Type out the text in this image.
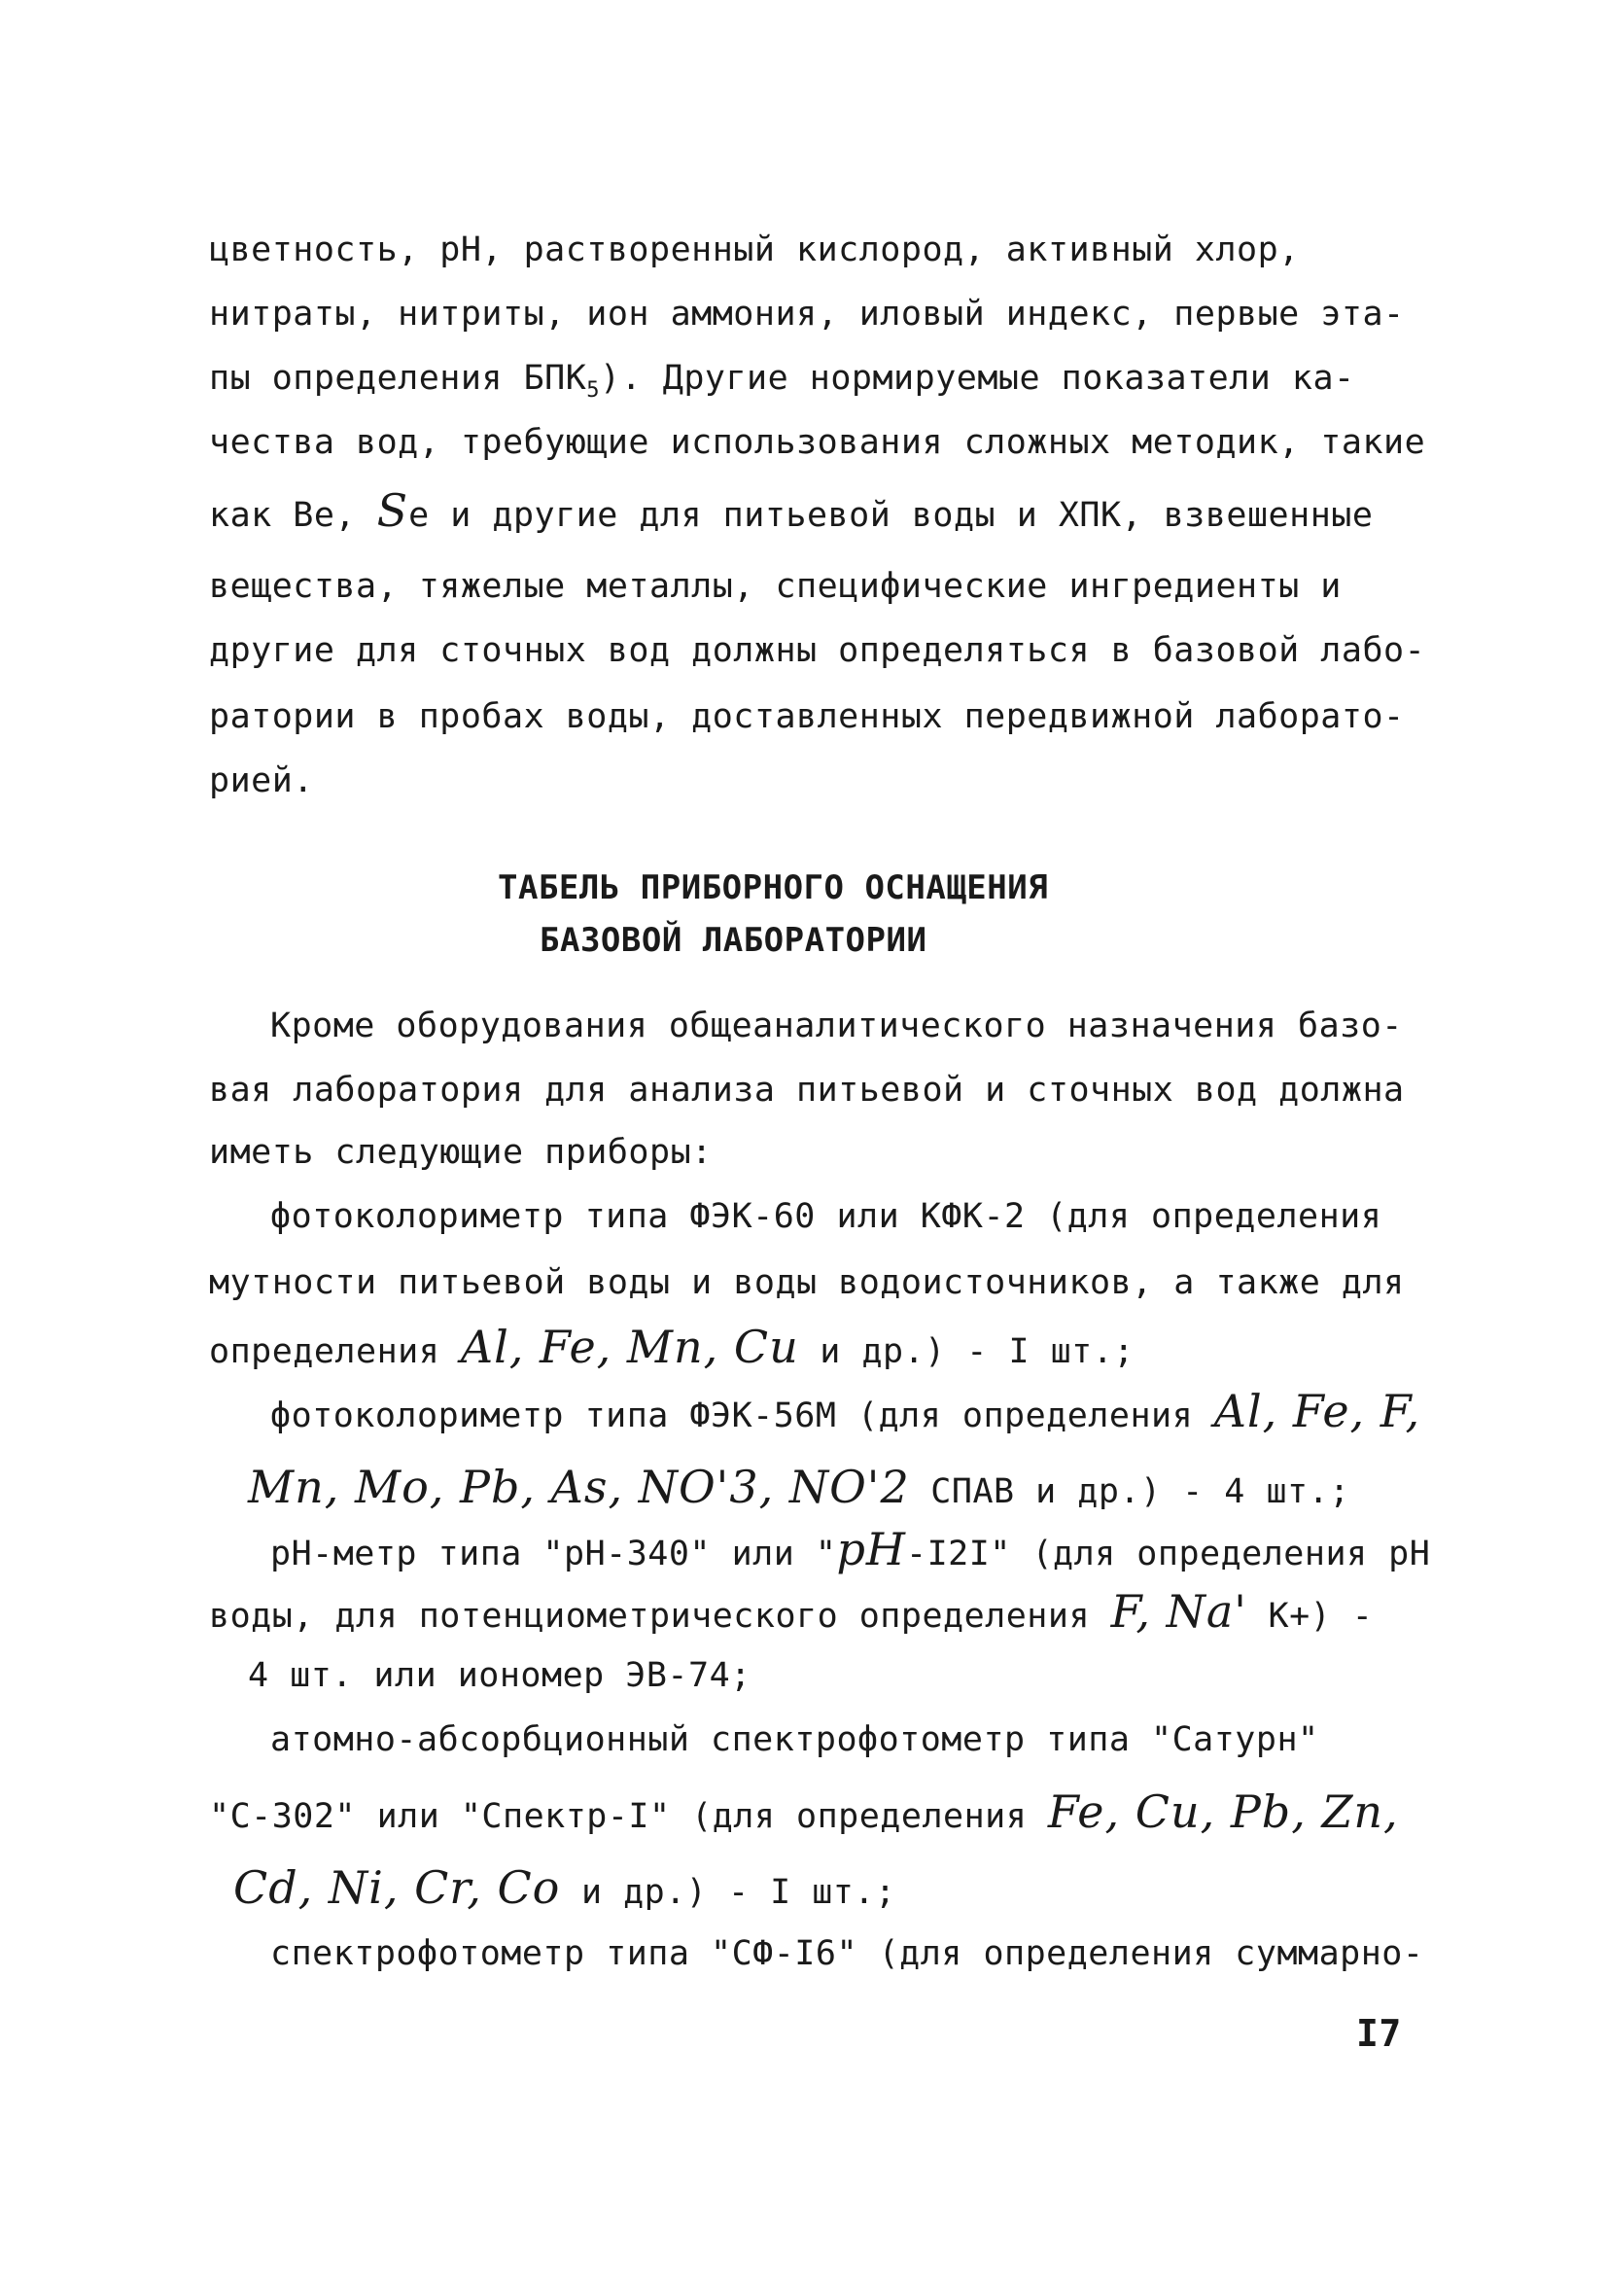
цветность, рН, растворенный кислород, активный хлор,
нитраты, нитриты, ион аммония, иловый индекс, первые эта-
пы определения $БПК_5$). Другие нормируемые показатели ка-
чества вод, требующие использования сложных методик, такие
как Ве, Sе и другие для питьевой воды и ХПК, взвешенные
вещества, тяжелые металлы, специфические ингредиенты и
другие для сточных вод должны определяться в базовой лабо-
ратории в пробах воды, доставленных передвижной лаборато-
рией.
ТАБЕЛЬ ПРИБОРНОГО ОСНАЩЕНИЯ
БАЗОВОЙ ЛАБОРАТОРИИ
Кроме оборудования общеаналитического назначения базо-
вая лаборатория для анализа питьевой и сточных вод должна
иметь следующие приборы:
фотоколориметр типа ФЭК-60 или КФК-2 (для определения
мутности питьевой воды и воды водоисточников, а также для
определения Al, Fe, Mn, Cu и др.) - I шт.;
фотоколориметр типа ФЭК-56М (для определения Al, Fe, F,
Mn, Mo, Pb, As, NO'3, NO'2 СПАВ и др.) - 4 шт.;
рН-метр типа "рН-340" или "pH-I2I" (для определения рН
воды, для потенциометрического определения F, Na' К+) -
4 шт. или иономер ЭВ-74;
атомно-абсорбционный спектрофотометр типа "Сатурн"
"С-302" или "Спектр-I" (для определения Fe, Cu, Pb, Zn,
Cd, Ni, Cr, Co и др.) - I шт.;
спектрофотометр типа "СФ-I6" (для определения суммарно-
I7
